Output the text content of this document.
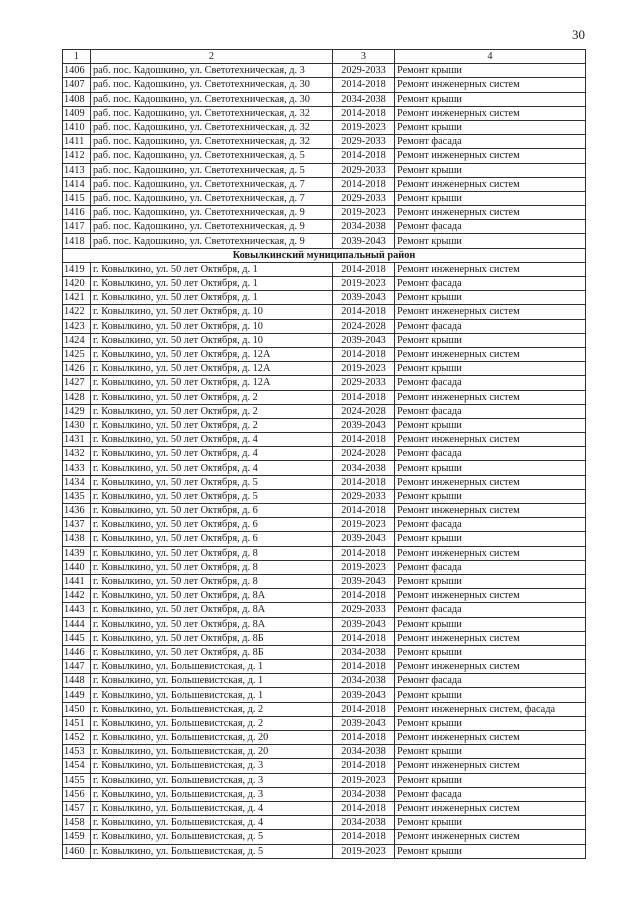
30
1	2	3	4
1406	раб. пос. Кадошкино, ул. Светотехническая, д. 3	2029-2033	Ремонт крыши
1407	раб. пос. Кадошкино, ул. Светотехническая, д. 30	2014-2018	Ремонт инженерных систем
1408	раб. пос. Кадошкино, ул. Светотехническая, д. 30	2034-2038	Ремонт крыши
1409	раб. пос. Кадошкино, ул. Светотехническая, д. 32	2014-2018	Ремонт инженерных систем
1410	раб. пос. Кадошкино, ул. Светотехническая, д. 32	2019-2023	Ремонт крыши
1411	раб. пос. Кадошкино, ул. Светотехническая, д. 32	2029-2033	Ремонт фасада
1412	раб. пос. Кадошкино, ул. Светотехническая, д. 5	2014-2018	Ремонт инженерных систем
1413	раб. пос. Кадошкино, ул. Светотехническая, д. 5	2029-2033	Ремонт крыши
1414	раб. пос. Кадошкино, ул. Светотехническая, д. 7	2014-2018	Ремонт инженерных систем
1415	раб. пос. Кадошкино, ул. Светотехническая, д. 7	2029-2033	Ремонт крыши
1416	раб. пос. Кадошкино, ул. Светотехническая, д. 9	2019-2023	Ремонт инженерных систем
1417	раб. пос. Кадошкино, ул. Светотехническая, д. 9	2034-2038	Ремонт фасада
1418	раб. пос. Кадошкино, ул. Светотехническая, д. 9	2039-2043	Ремонт крыши
Ковылкинский муниципальный район			
1419	г. Ковылкино, ул. 50 лет Октября, д. 1	2014-2018	Ремонт инженерных систем
1420	г. Ковылкино, ул. 50 лет Октября, д. 1	2019-2023	Ремонт фасада
1421	г. Ковылкино, ул. 50 лет Октября, д. 1	2039-2043	Ремонт крыши
1422	г. Ковылкино, ул. 50 лет Октября, д. 10	2014-2018	Ремонт инженерных систем
1423	г. Ковылкино, ул. 50 лет Октября, д. 10	2024-2028	Ремонт фасада
1424	г. Ковылкино, ул. 50 лет Октября, д. 10	2039-2043	Ремонт крыши
1425	г. Ковылкино, ул. 50 лет Октября, д. 12А	2014-2018	Ремонт инженерных систем
1426	г. Ковылкино, ул. 50 лет Октября, д. 12А	2019-2023	Ремонт крыши
1427	г. Ковылкино, ул. 50 лет Октября, д. 12А	2029-2033	Ремонт фасада
1428	г. Ковылкино, ул. 50 лет Октября, д. 2	2014-2018	Ремонт инженерных систем
1429	г. Ковылкино, ул. 50 лет Октября, д. 2	2024-2028	Ремонт фасада
1430	г. Ковылкино, ул. 50 лет Октября, д. 2	2039-2043	Ремонт крыши
1431	г. Ковылкино, ул. 50 лет Октября, д. 4	2014-2018	Ремонт инженерных систем
1432	г. Ковылкино, ул. 50 лет Октября, д. 4	2024-2028	Ремонт фасада
1433	г. Ковылкино, ул. 50 лет Октября, д. 4	2034-2038	Ремонт крыши
1434	г. Ковылкино, ул. 50 лет Октября, д. 5	2014-2018	Ремонт инженерных систем
1435	г. Ковылкино, ул. 50 лет Октября, д. 5	2029-2033	Ремонт крыши
1436	г. Ковылкино, ул. 50 лет Октября, д. 6	2014-2018	Ремонт инженерных систем
1437	г. Ковылкино, ул. 50 лет Октября, д. 6	2019-2023	Ремонт фасада
1438	г. Ковылкино, ул. 50 лет Октября, д. 6	2039-2043	Ремонт крыши
1439	г. Ковылкино, ул. 50 лет Октября, д. 8	2014-2018	Ремонт инженерных систем
1440	г. Ковылкино, ул. 50 лет Октября, д. 8	2019-2023	Ремонт фасада
1441	г. Ковылкино, ул. 50 лет Октября, д. 8	2039-2043	Ремонт крыши
1442	г. Ковылкино, ул. 50 лет Октября, д. 8А	2014-2018	Ремонт инженерных систем
1443	г. Ковылкино, ул. 50 лет Октября, д. 8А	2029-2033	Ремонт фасада
1444	г. Ковылкино, ул. 50 лет Октября, д. 8А	2039-2043	Ремонт крыши
1445	г. Ковылкино, ул. 50 лет Октября, д. 8Б	2014-2018	Ремонт инженерных систем
1446	г. Ковылкино, ул. 50 лет Октября, д. 8Б	2034-2038	Ремонт крыши
1447	г. Ковылкино, ул. Большевистская, д. 1	2014-2018	Ремонт инженерных систем
1448	г. Ковылкино, ул. Большевистская, д. 1	2034-2038	Ремонт фасада
1449	г. Ковылкино, ул. Большевистская, д. 1	2039-2043	Ремонт крыши
1450	г. Ковылкино, ул. Большевистская, д. 2	2014-2018	Ремонт инженерных систем, фасада
1451	г. Ковылкино, ул. Большевистская, д. 2	2039-2043	Ремонт крыши
1452	г. Ковылкино, ул. Большевистская, д. 20	2014-2018	Ремонт инженерных систем
1453	г. Ковылкино, ул. Большевистская, д. 20	2034-2038	Ремонт крыши
1454	г. Ковылкино, ул. Большевистская, д. 3	2014-2018	Ремонт инженерных систем
1455	г. Ковылкино, ул. Большевистская, д. 3	2019-2023	Ремонт крыши
1456	г. Ковылкино, ул. Большевистская, д. 3	2034-2038	Ремонт фасада
1457	г. Ковылкино, ул. Большевистская, д. 4	2014-2018	Ремонт инженерных систем
1458	г. Ковылкино, ул. Большевистская, д. 4	2034-2038	Ремонт крыши
1459	г. Ковылкино, ул. Большевистская, д. 5	2014-2018	Ремонт инженерных систем
1460	г. Ковылкино, ул. Большевистская, д. 5	2019-2023	Ремонт крыши
